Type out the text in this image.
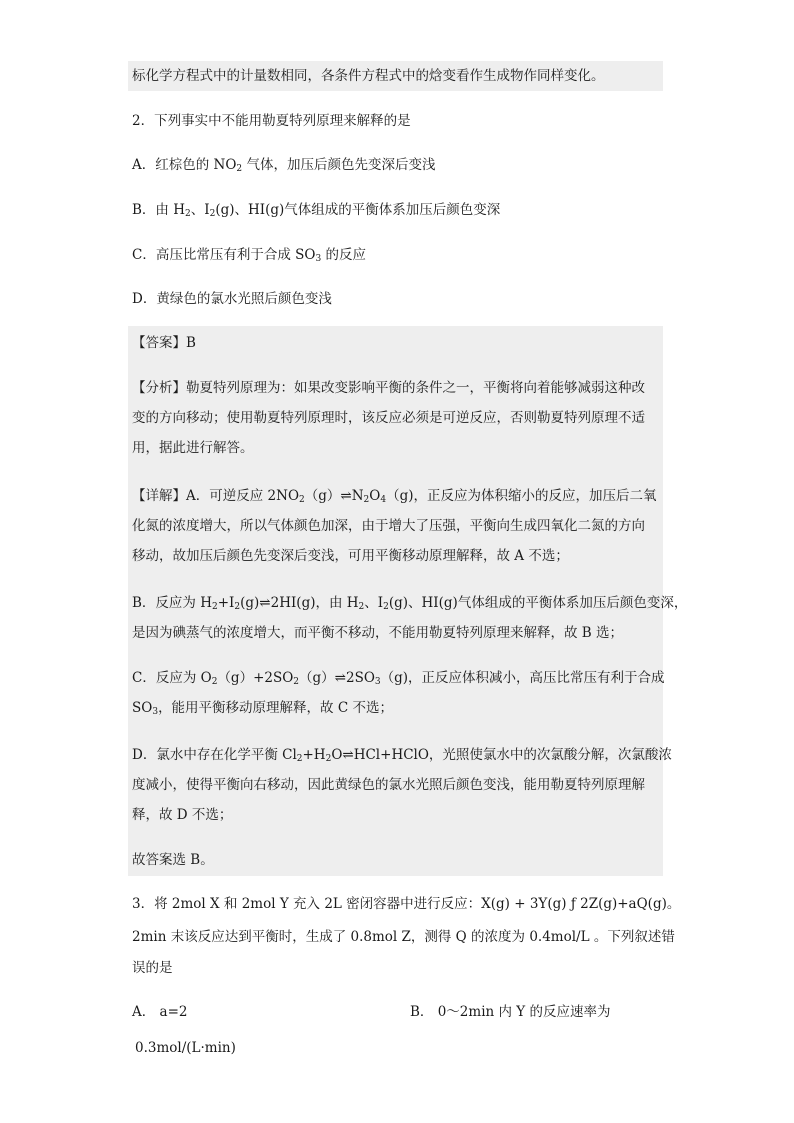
标化学方程式中的计量数相同，各条件方程式中的焓变看作生成物作同样变化。
2．下列事实中不能用勒夏特列原理来解释的是
A．红棕色的 $NO_2$ 气体，加压后颜色先变深后变浅
B．由 $H_2$、$I_2(g)$、HI(g)气体组成的平衡体系加压后颜色变深
C．高压比常压有利于合成 $SO_3$ 的反应
D．黄绿色的氯水光照后颜色变浅
【答案】B
【分析】勒夏特列原理为：如果改变影响平衡的条件之一，平衡将向着能够减弱这种改
变的方向移动；使用勒夏特列原理时，该反应必须是可逆反应，否则勒夏特列原理不适
用，据此进行解答。
【详解】A．可逆反应 $2NO_2(g)\rightleftharpoons N_2O_4(g)$，正反应为体积缩小的反应，加压后二氧
化氮的浓度增大，所以气体颜色加深，由于增大了压强，平衡向生成四氧化二氮的方向
移动，故加压后颜色先变深后变浅，可用平衡移动原理解释，故 A 不选；
B．反应为 $H_2+I_2(g)\rightleftharpoons 2HI(g)$，由 $H_2$、$I_2(g)$、HI(g)气体组成的平衡体系加压后颜色变深，
是因为碘蒸气的浓度增大，而平衡不移动，不能用勒夏特列原理来解释，故 B 选；
C．反应为 $O_2(g)+2SO_2(g)\rightleftharpoons 2SO_3(g)$，正反应体积减小，高压比常压有利于合成
$SO_3$，能用平衡移动原理解释，故 C 不选；
D．氯水中存在化学平衡 $Cl_2+H_2O\rightleftharpoons HCl+HClO$，光照使氯水中的次氯酸分解，次氯酸浓
度减小，使得平衡向右移动，因此黄绿色的氯水光照后颜色变浅，能用勒夏特列原理解
释，故 D 不选；
故答案选 B。
3．将 2mol X 和 2mol Y 充入 2L 密闭容器中进行反应：X(g) + 3Y(g) ƒ 2Z(g)+aQ(g)。
2min 末该反应达到平衡时，生成了 0.8mol Z，测得 Q 的浓度为 0.4mol/L 。下列叙述错
误的是
A． a=2	B． 0～2min 内 Y 的反应速率为
0.3mol/(L·min)
